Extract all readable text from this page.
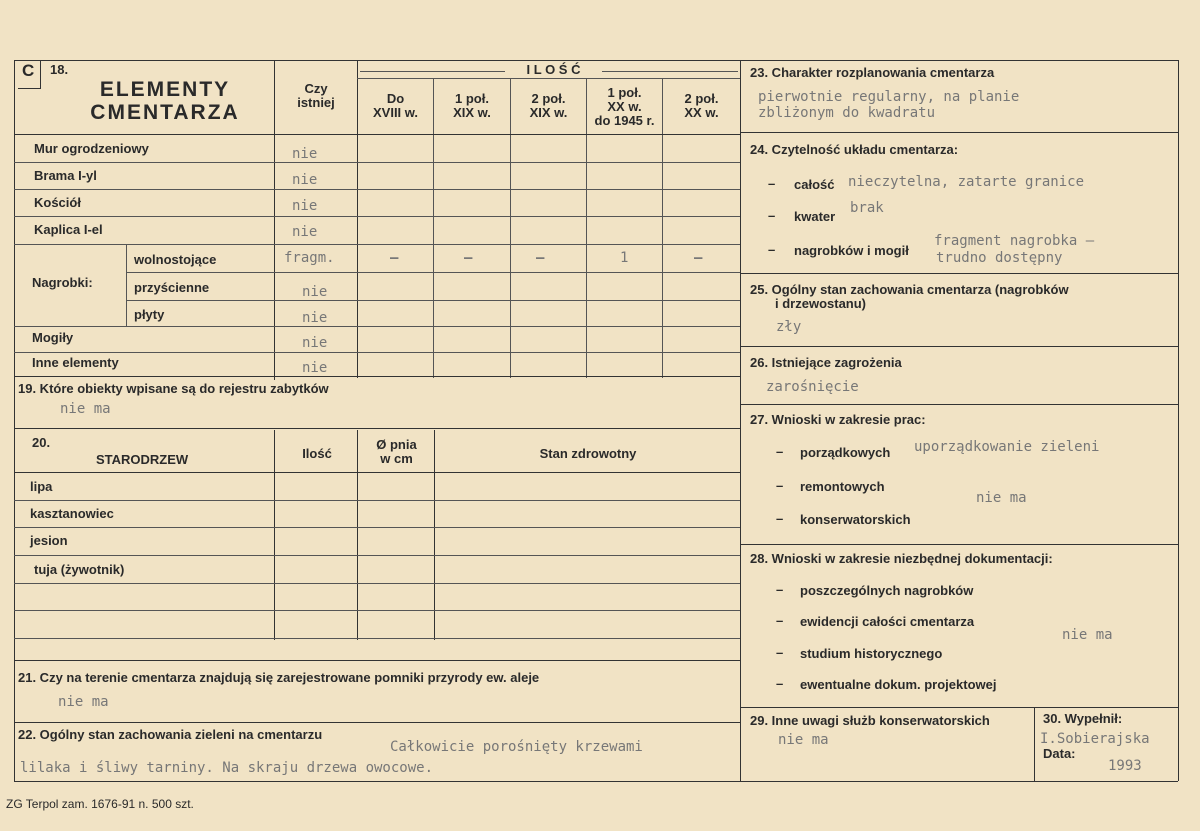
C 18.
ELEMENTY
CMENTARZA
I L O Ś Ć
Czy
istniej	Do
XVIII w.
1 poł.
XIX w.
2 poł.
XIX w.
1 poł.
XX w.
do 1945 r.
2 poł.
XX w.
Mur ogrodzeniowy	nie
Brama I-yl	nie
Kościół	nie
Kaplica I-el	nie
Nagrobki:
wolnostojące	fragm.	–	–	–	1	–
przyścienne	nie
płyty	nie
Mogiły	nie
Inne elementy	nie
19. Które obiekty wpisane są do rejestru zabytków
nie ma
20.
STARODRZEW	Ilość
Ø pnia
w cm	Stan zdrowotny
lipa
kasztanowiec
jesion
tuja (żywotnik)
21. Czy na terenie cmentarza znajdują się zarejestrowane pomniki przyrody ew. aleje
nie ma
22. Ogólny stan zachowania zieleni na cmentarzu
Całkowicie porośnięty krzewami
lilaka i śliwy tarniny. Na skraju drzewa owocowe.
23. Charakter rozplanowania cmentarza
pierwotnie regularny, na planie
zbliżonym do kwadratu
24. Czytelność układu cmentarza:
– całość nieczytelna, zatarte granice
– kwater
brak
– nagrobków i mogił
fragment nagrobka –
trudno dostępny
25. Ogólny stan zachowania cmentarza (nagrobków
i drzewostanu)
zły
26. Istniejące zagrożenia
zarośnięcie
27. Wnioski w zakresie prac:
– porządkowych uporządkowanie zieleni
– remontowych
nie ma
– konserwatorskich
28. Wnioski w zakresie niezbędnej dokumentacji:
– poszczególnych nagrobków
– ewidencji całości cmentarza
nie ma
– studium historycznego
– ewentualne dokum. projektowej
29. Inne uwagi służb konserwatorskich
nie ma
30. Wypełnił:
I.Sobierajska
Data:
1993
ZG Terpol zam. 1676-91 n. 500 szt.
